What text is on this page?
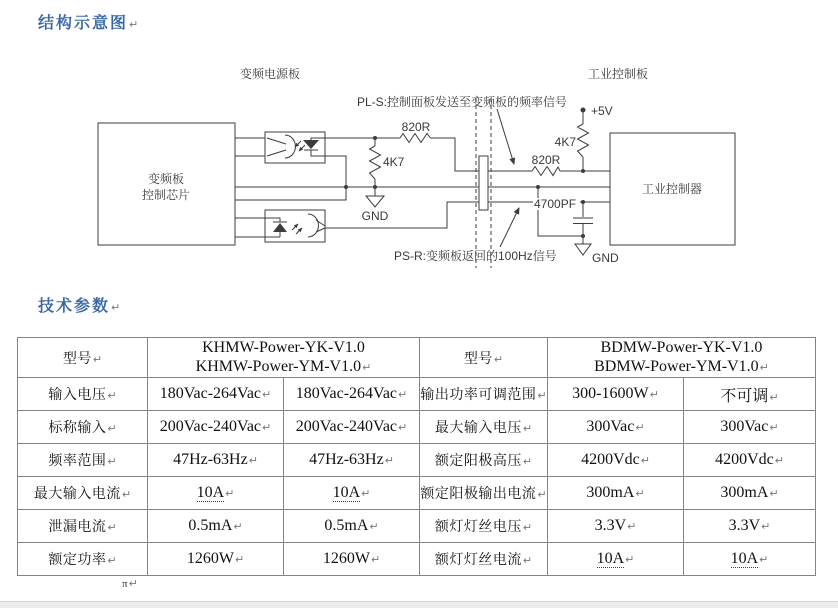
结构示意图↵
变频板
控制芯片	工业控制器
变频电源板	工业控制板
PL-S:控制面板发送至变频板的频率信号
PS-R:变频板返回的100Hz信号
820R
4K7
GND
820R
4K7
+5V
4700PF
GND
技术参数↵
型号↵	KHMW-Power-YK-V1.0
KHMW-Power-YM-V1.0↵		型号↵	BDMW-Power-YK-V1.0
BDMW-Power-YM-V1.0↵	
输入电压↵	180Vac-264Vac↵	180Vac-264Vac↵	输出功率可调范围↵	300-1600W↵	不可调↵
标称输入↵	200Vac-240Vac↵	200Vac-240Vac↵	最大输入电压↵	300Vac↵	300Vac↵
频率范围↵	47Hz-63Hz↵	47Hz-63Hz↵	额定阳极高压↵	4200Vdc↵	4200Vdc↵
最大输入电流↵	10A↵	10A↵	额定阳极输出电流↵	300mA↵	300mA↵
泄漏电流↵	0.5mA↵	0.5mA↵	额灯灯丝电压↵	3.3V↵	3.3V↵
额定功率↵	1260W↵	1260W↵	额灯灯丝电流↵	10A↵	10A↵
π↵
